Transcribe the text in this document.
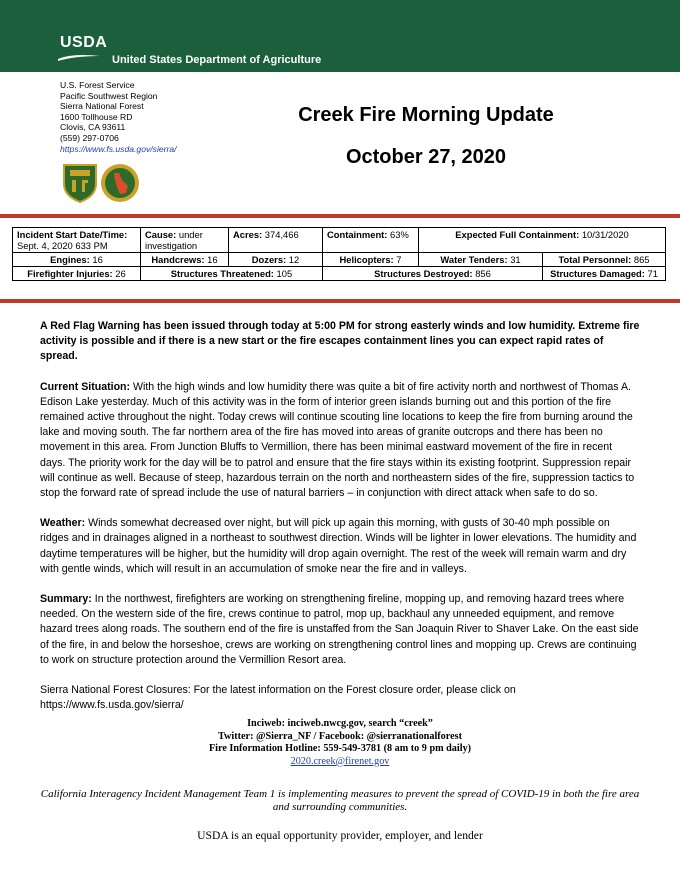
USDA
United States Department of Agriculture
U.S. Forest Service
Pacific Southwest Region
Sierra National Forest
1600 Tollhouse RD
Clovis, CA 93611
(559) 297-0706
https://www.fs.usda.gov/sierra/
Creek Fire Morning Update
October 27, 2020
Incident Start Date/Time:
Sept. 4, 2020 633 PM	Cause: under investigation	Acres: 374,466	Containment: 63%	Expected Full Containment: 10/31/2020	
Engines: 16	Handcrews: 16	Dozers: 12	Helicopters: 7	Water Tenders: 31	Total Personnel: 865
Firefighter Injuries: 26	Structures Threatened: 105		Structures Destroyed: 856		Structures Damaged: 71

A Red Flag Warning has been issued through today at 5:00 PM for strong easterly winds and low humidity. Extreme fire activity is possible and if there is a new start or the fire escapes containment lines you can expect rapid rates of spread.

Current Situation: With the high winds and low humidity there was quite a bit of fire activity north and northwest of Thomas A. Edison Lake yesterday. Much of this activity was in the form of interior green islands burning out and this portion of the fire remained active throughout the night. Today crews will continue scouting line locations to keep the fire from burning around the lake and moving south. The far northern area of the fire has moved into areas of granite outcrops and there has been no movement in this area. From Junction Bluffs to Vermillion, there has been minimal eastward movement of the fire in recent days. The priority work for the day will be to patrol and ensure that the fire stays within its existing footprint. Suppression repair will continue as well. Because of steep, hazardous terrain on the north and northeastern sides of the fire, suppression tactics to stop the forward rate of spread include the use of natural barriers – in conjunction with direct attack when safe to do so.

Weather: Winds somewhat decreased over night, but will pick up again this morning, with gusts of 30-40 mph possible on ridges and in drainages aligned in a northeast to southwest direction. Winds will be lighter in lower elevations. The humidity and daytime temperatures will be higher, but the humidity will drop again overnight. The rest of the week will remain warm and dry with gentle winds, which will result in an accumulation of smoke near the fire and in valleys.

Summary: In the northwest, firefighters are working on strengthening fireline, mopping up, and removing hazard trees where needed. On the western side of the fire, crews continue to patrol, mop up, backhaul any unneeded equipment, and remove hazard trees along roads. The southern end of the fire is unstaffed from the San Joaquin River to Shaver Lake. On the east side of the fire, in and below the horseshoe, crews are working on strengthening control lines and mopping up. Crews are continuing to work on structure protection around the Vermillion Resort area.

Sierra National Forest Closures: For the latest information on the Forest closure order, please click on https://www.fs.usda.gov/sierra/

Inciweb: inciweb.nwcg.gov, search “creek”
Twitter: @Sierra_NF / Facebook: @sierranationalforest
Fire Information Hotline: 559-549-3781 (8 am to 9 pm daily)
2020.creek@firenet.gov
California Interagency Incident Management Team 1 is implementing measures to prevent the spread of COVID-19 in both the fire area and surrounding communities.
USDA is an equal opportunity provider, employer, and lender
